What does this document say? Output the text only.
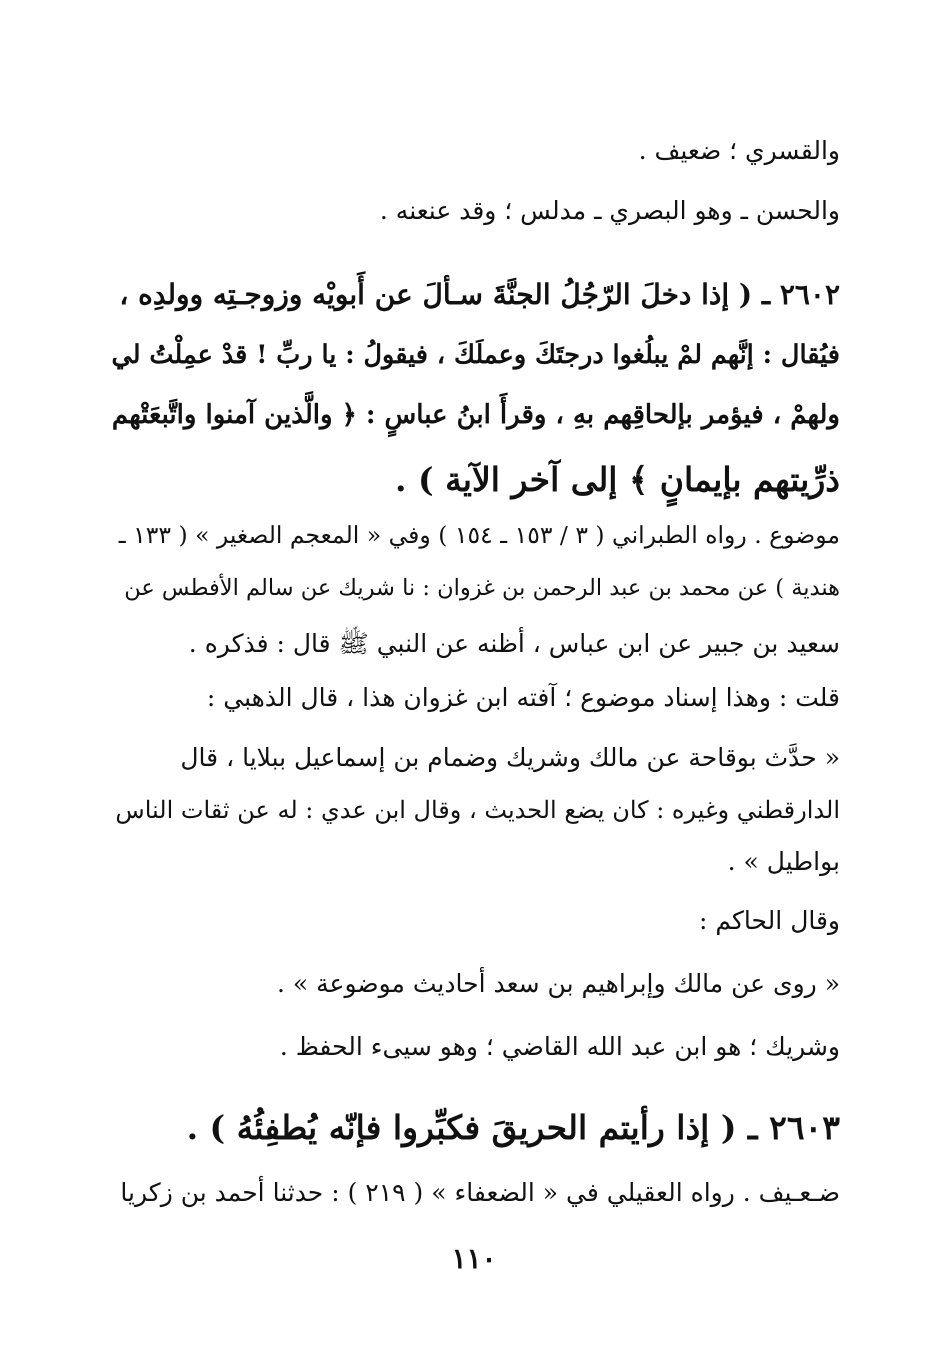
والقسري ؛ ضعيف .
والحسن ـ وهو البصري ـ مدلس ؛ وقد عنعنه .
٢٦٠٢ ـ ( إذا دخلَ الرّجُلُ الجنَّةَ سـألَ عن أَبويْه وزوجـتِه وولدِه ،
فيُقال : إنَّهم لمْ يبلُغوا درجتَكَ وعملَكَ ، فيقولُ : يا ربِّ ! قدْ عمِلْتُ لي
ولهمْ ، فيؤمر بإلحاقِهم بهِ ، وقرأَ ابنُ عباسٍ : ﴿ والَّذين آمنوا واتَّبعَتْهم
ذرِّيتهم بإيمانٍ ﴾ إلى آخر الآية ) .
موضوع . رواه الطبراني ( ٣ / ١٥٣ ـ ١٥٤ ) وفي « المعجم الصغير » ( ١٣٣ ـ
هندية ) عن محمد بن عبد الرحمن بن غزوان : نا شريك عن سالم الأفطس عن
سعيد بن جبير عن ابن عباس ، أظنه عن النبي ﷺ قال : فذكره .
قلت : وهذا إسناد موضوع ؛ آفته ابن غزوان هذا ، قال الذهبي :
« حدَّث بوقاحة عن مالك وشريك وضمام بن إسماعيل ببلايا ، قال
الدارقطني وغيره : كان يضع الحديث ، وقال ابن عدي : له عن ثقات الناس
بواطيل » .
وقال الحاكم :
« روى عن مالك وإبراهيم بن سعد أحاديث موضوعة » .
وشريك ؛ هو ابن عبد الله القاضي ؛ وهو سيىء الحفظ .
٢٦٠٣ ـ ( إذا رأيتم الحريقَ فكبِّروا فإنّه يُطفِئُهُ ) .
ضـعـيف . رواه العقيلي في « الضعفاء » ( ٢١٩ ) : حدثنا أحمد بن زكريا
١١٠
